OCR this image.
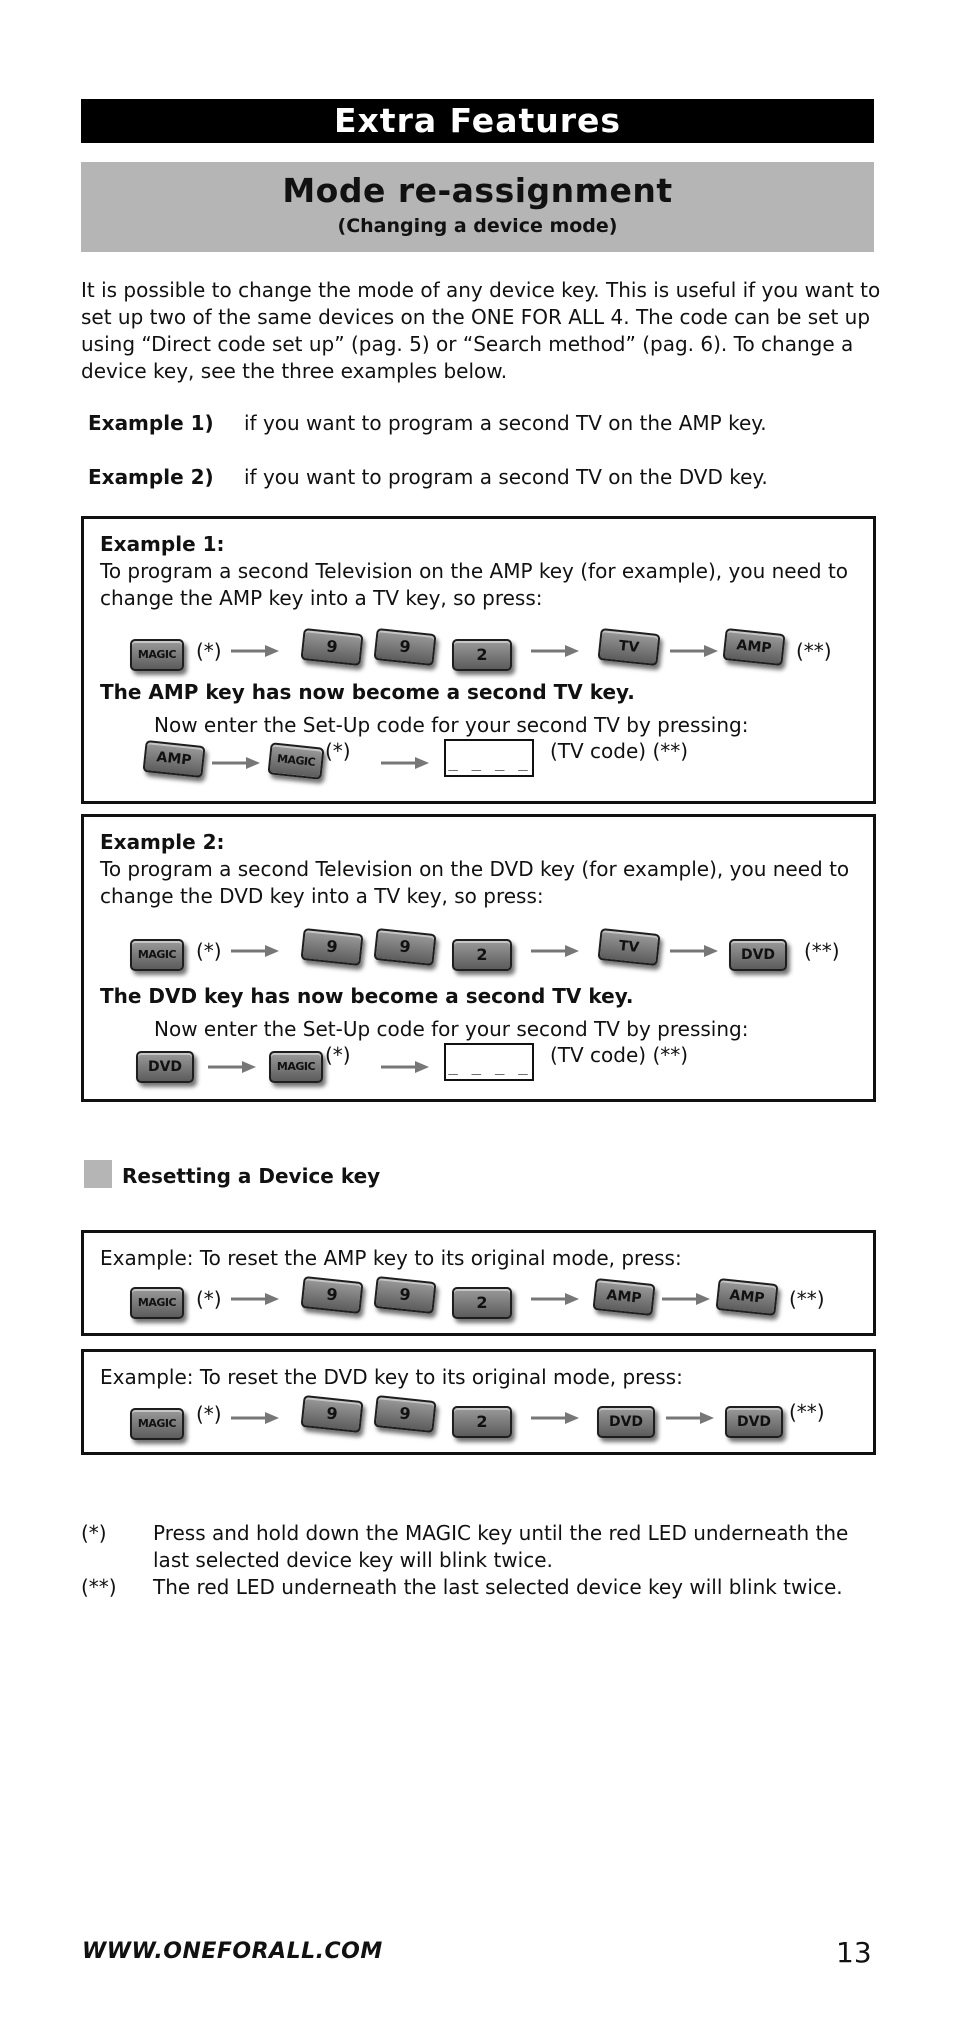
Extra Features
Mode re-assignment
(Changing a device mode)
It is possible to change the mode of any device key. This is useful if you want to set up two of the same devices on the ONE FOR ALL 4. The code can be set up using “Direct code set up” (pag. 5) or “Search method” (pag. 6). To change a device key, see the three examples below.
Example 1) if you want to program a second TV on the AMP key.
Example 2) if you want to program a second TV on the DVD key.
Example 1:
To program a second Television on the AMP key (for example), you need to change the AMP key into a TV key, so press:
MAGIC (*)	9	9	2	TV	AMP	(**)
The AMP key has now become a second TV key.
Now enter the Set-Up code for your second TV by pressing:
AMP	MAGIC (*)	_ _ _ _ (TV code) (**)
Example 2:
To program a second Television on the DVD key (for example), you need to change the DVD key into a TV key, so press:
MAGIC (*)	9	9	2	TV	DVD	(**)
The DVD key has now become a second TV key.
Now enter the Set-Up code for your second TV by pressing:
DVD	MAGIC (*)	_ _ _ _ (TV code) (**)
Resetting a Device key
Example: To reset the AMP key to its original mode, press:
MAGIC (*)	9	9	2	AMP	AMP	(**)
Example: To reset the DVD key to its original mode, press:
MAGIC (*)	9	9	2	DVD	DVD (**)
(*) Press and hold down the MAGIC key until the red LED underneath the last selected device key will blink twice.
(**) The red LED underneath the last selected device key will blink twice.
WWW.ONEFORALL.COM	13
